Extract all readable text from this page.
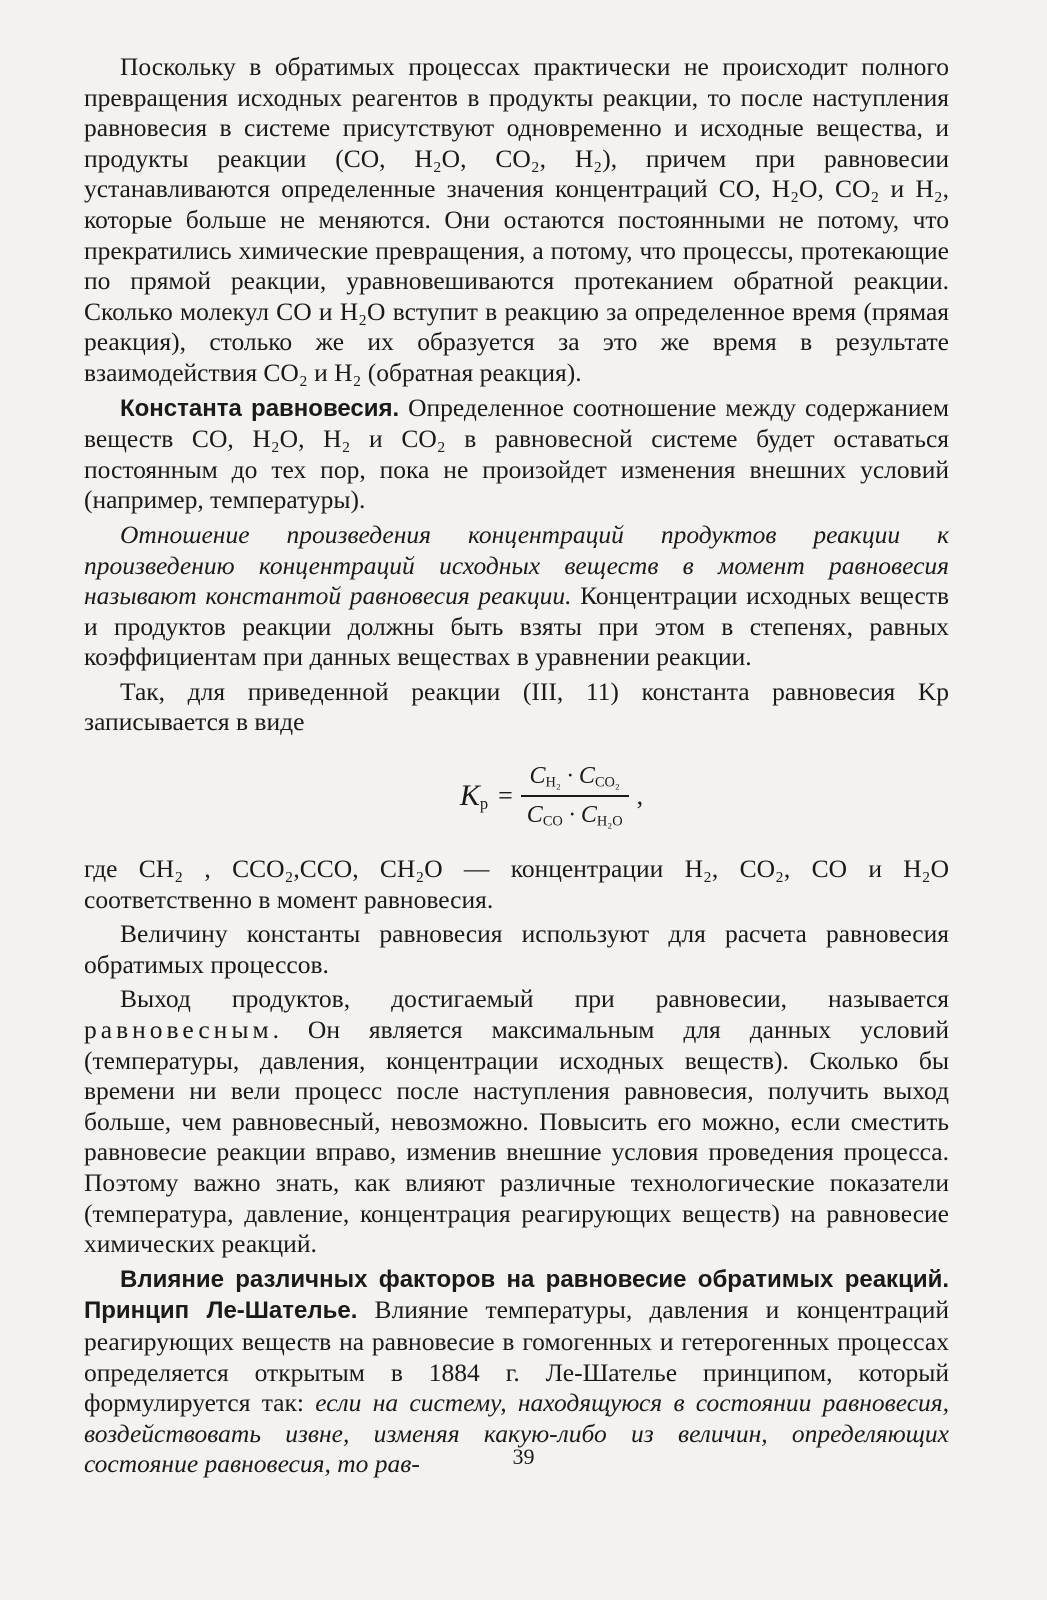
Поскольку в обратимых процессах практически не происходит полного превращения исходных реагентов в продукты реакции, то после наступления равновесия в системе присутствуют одновременно и исходные вещества, и продукты реакции (СО, Н₂О, СО₂, Н₂), причем при равновесии устанавливаются определенные значения концентраций СО, Н₂О, СО₂ и Н₂, которые больше не меняются. Они остаются постоянными не потому, что прекратились химические превращения, а потому, что процессы, протекающие по прямой реакции, уравновешиваются протеканием обратной реакции. Сколько молекул СО и Н₂О вступит в реакцию за определенное время (прямая реакция), столько же их образуется за это же время в результате взаимодействия СО₂ и Н₂ (обратная реакция).

Константа равновесия. Определенное соотношение между содержанием веществ СО, Н₂О, Н₂ и СО₂ в равновесной системе будет оставаться постоянным до тех пор, пока не произойдет изменения внешних условий (например, температуры).

Отношение произведения концентраций продуктов реакции к произведению концентраций исходных веществ в момент равновесия называют константой равновесия реакции. Концентрации исходных веществ и продуктов реакции должны быть взяты при этом в степенях, равных коэффициентам при данных веществах в уравнении реакции.

Так, для приведенной реакции (III, 11) константа равновесия Kр записывается в виде

$K_р = \frac{C_{H_2} \cdot C_{CO_2}}{C_{CO} \cdot C_{H_2O}}$ ,

где CН₂ , CCO₂,CCO, CН₂O — концентрации Н₂, СО₂, СО и Н₂О соответственно в момент равновесия.

Величину константы равновесия используют для расчета равновесия обратимых процессов.

Выход продуктов, достигаемый при равновесии, называется равновесным. Он является максимальным для данных условий (температуры, давления, концентрации исходных веществ). Сколько бы времени ни вели процесс после наступления равновесия, получить выход больше, чем равновесный, невозможно. Повысить его можно, если сместить равновесие реакции вправо, изменив внешние условия проведения процесса. Поэтому важно знать, как влияют различные технологические показатели (температура, давление, концентрация реагирующих веществ) на равновесие химических реакций.

Влияние различных факторов на равновесие обратимых реакций. Принцип Ле-Шателье. Влияние температуры, давления и концентраций реагирующих веществ на равновесие в гомогенных и гетерогенных процессах определяется открытым в 1884 г. Ле-Шателье принципом, который формулируется так: если на систему, находящуюся в состоянии равновесия, воздействовать извне, изменяя какую-либо из величин, определяющих состояние равновесия, то рав-	39
